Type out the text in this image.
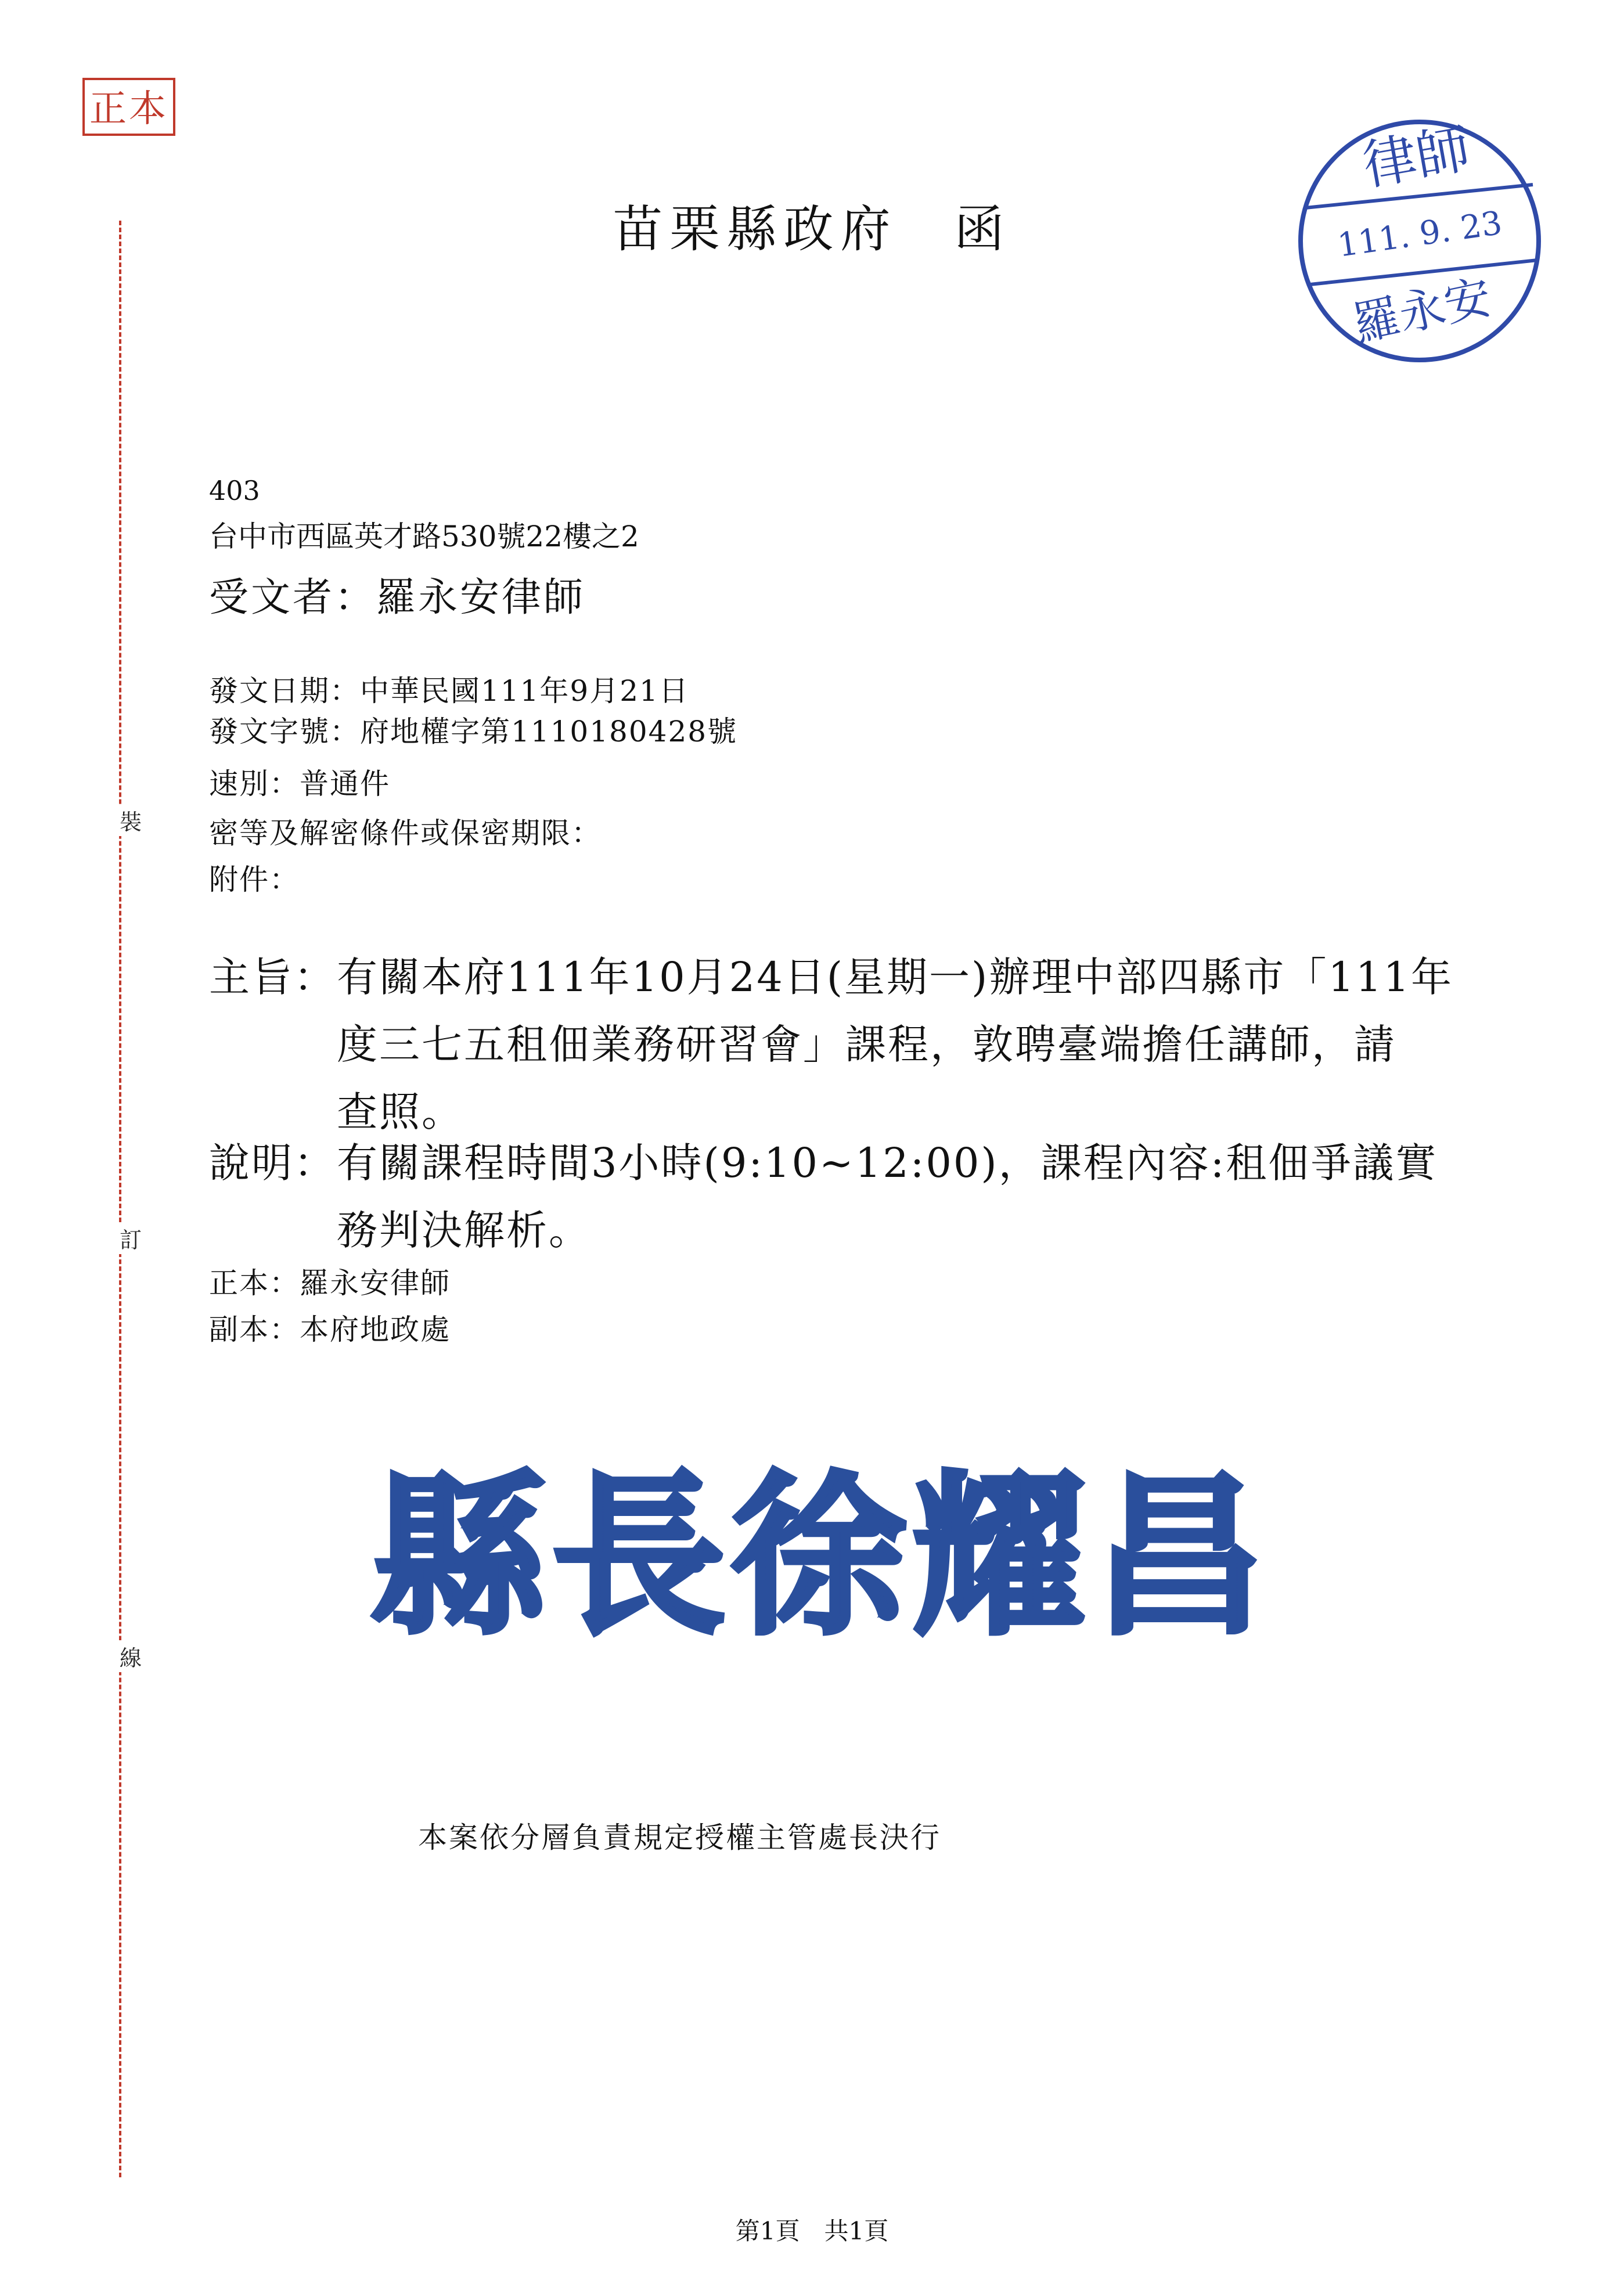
正本
裝
訂
線
苗栗縣政府　函
律師
111. 9. 23
羅永安
403
台中市西區英才路530號22樓之2
受文者：羅永安律師
發文日期：中華民國111年9月21日
發文字號：府地權字第1110180428號
速別：普通件
密等及解密條件或保密期限：
附件：
主旨：有關本府111年10月24日(星期一)辦理中部四縣市「111年
度三七五租佃業務研習會」課程，敦聘臺端擔任講師，請
查照。
說明：有關課程時間3小時(9:10~12:00)，課程內容:租佃爭議實
務判決解析。
正本：羅永安律師
副本：本府地政處
縣長徐耀昌
本案依分層負責規定授權主管處長決行
第1頁　共1頁
